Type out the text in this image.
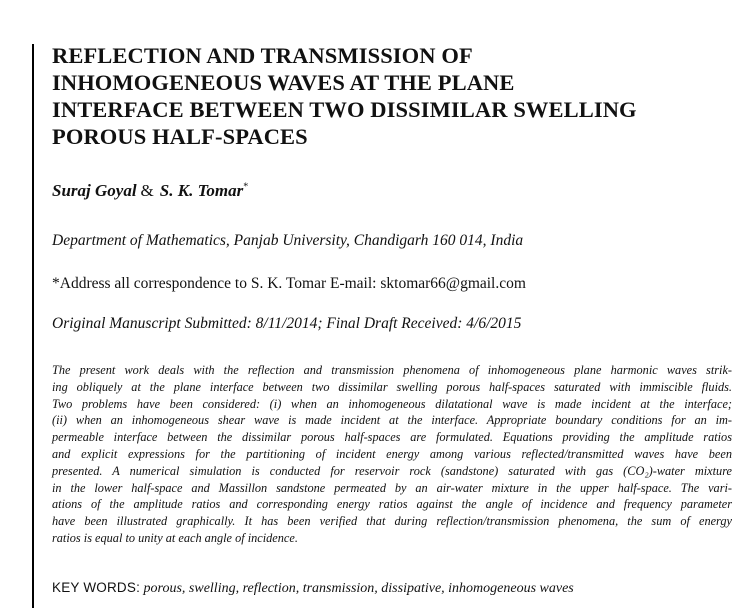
REFLECTION AND TRANSMISSION OF
INHOMOGENEOUS WAVES AT THE PLANE
INTERFACE BETWEEN TWO DISSIMILAR SWELLING
POROUS HALF-SPACES
Suraj Goyal & S. K. Tomar*
Department of Mathematics, Panjab University, Chandigarh 160 014, India
*Address all correspondence to S. K. Tomar E-mail: sktomar66@gmail.com
Original Manuscript Submitted: 8/11/2014; Final Draft Received: 4/6/2015

The present work deals with the reflection and transmission phenomena of inhomogeneous plane harmonic waves strik-
ing obliquely at the plane interface between two dissimilar swelling porous half-spaces saturated with immiscible fluids.
Two problems have been considered: (i) when an inhomogeneous dilatational wave is made incident at the interface;
(ii) when an inhomogeneous shear wave is made incident at the interface. Appropriate boundary conditions for an im-
permeable interface between the dissimilar porous half-spaces are formulated. Equations providing the amplitude ratios
and explicit expressions for the partitioning of incident energy among various reflected/transmitted waves have been
presented. A numerical simulation is conducted for reservoir rock (sandstone) saturated with gas (CO₂)-water mixture
in the lower half-space and Massillon sandstone permeated by an air-water mixture in the upper half-space. The vari-
ations of the amplitude ratios and corresponding energy ratios against the angle of incidence and frequency parameter
have been illustrated graphically. It has been verified that during reflection/transmission phenomena, the sum of energy
ratios is equal to unity at each angle of incidence.

KEY WORDS: porous, swelling, reflection, transmission, dissipative, inhomogeneous waves
